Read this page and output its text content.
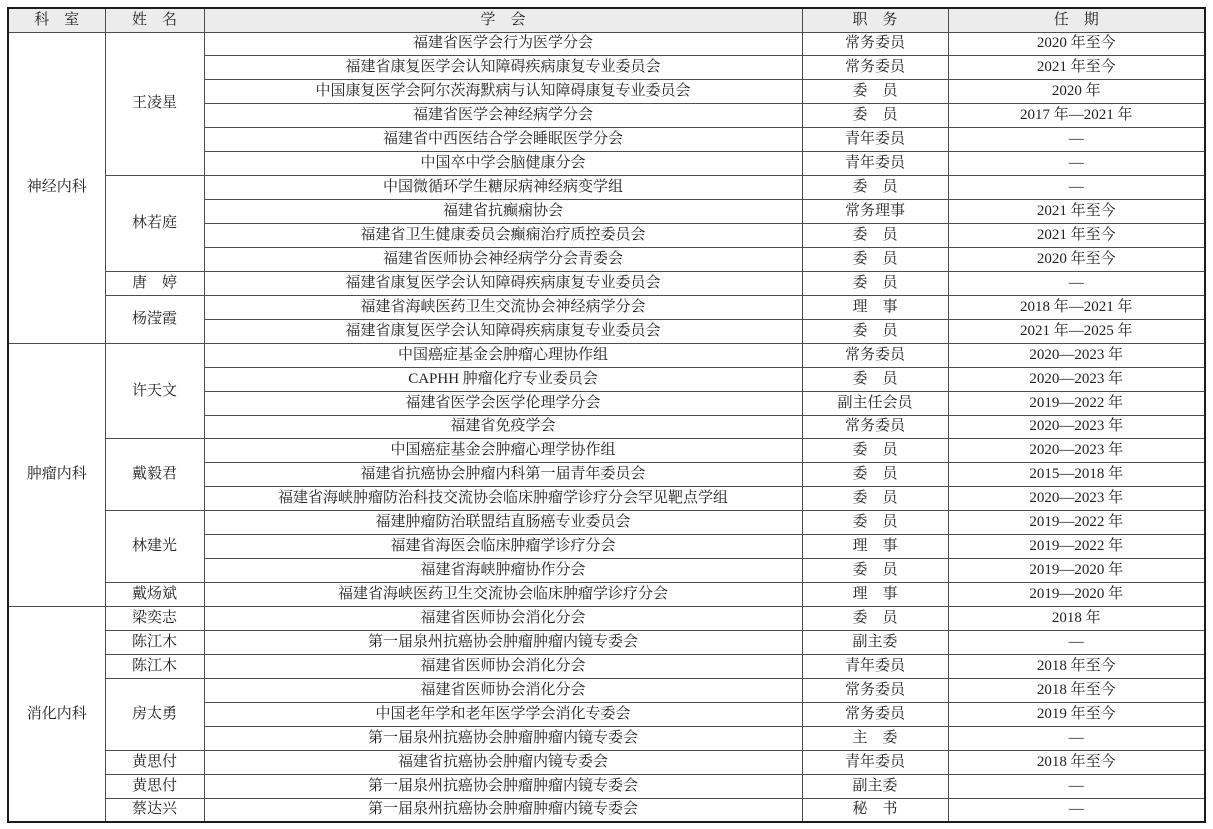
科　室	姓　名	学　会	职　务	任　期
神经内科	王凌星	福建省医学会行为医学分会	常务委员	2020 年至今
		福建省康复医学会认知障碍疾病康复专业委员会	常务委员	2021 年至今
		中国康复医学会阿尔茨海默病与认知障碍康复专业委员会	委　员	2020 年
		福建省医学会神经病学分会	委　员	2017 年—2021 年
		福建省中西医结合学会睡眠医学分会	青年委员	—
		中国卒中学会脑健康分会	青年委员	—
	林若庭	中国微循环学生糖尿病神经病变学组	委　员	—
		福建省抗癫痫协会	常务理事	2021 年至今
		福建省卫生健康委员会癫痫治疗质控委员会	委　员	2021 年至今
		福建省医师协会神经病学分会青委会	委　员	2020 年至今
	唐　婷	福建省康复医学会认知障碍疾病康复专业委员会	委　员	—
	杨滢霞	福建省海峡医药卫生交流协会神经病学分会	理　事	2018 年—2021 年
		福建省康复医学会认知障碍疾病康复专业委员会	委　员	2021 年—2025 年
肿瘤内科	许天文	中国癌症基金会肿瘤心理协作组	常务委员	2020—2023 年
		CAPHH 肿瘤化疗专业委员会	委　员	2020—2023 年
		福建省医学会医学伦理学分会	副主任会员	2019—2022 年
		福建省免疫学会	常务委员	2020—2023 年
	戴毅君	中国癌症基金会肿瘤心理学协作组	委　员	2020—2023 年
		福建省抗癌协会肿瘤内科第一届青年委员会	委　员	2015—2018 年
		福建省海峡肿瘤防治科技交流协会临床肿瘤学诊疗分会罕见靶点学组	委　员	2020—2023 年
	林建光	福建肿瘤防治联盟结直肠癌专业委员会	委　员	2019—2022 年
		福建省海医会临床肿瘤学诊疗分会	理　事	2019—2022 年
		福建省海峡肿瘤协作分会	委　员	2019—2020 年
	戴炀斌	福建省海峡医药卫生交流协会临床肿瘤学诊疗分会	理　事	2019—2020 年
消化内科	梁奕志	福建省医师协会消化分会	委　员	2018 年
	陈江木	第一届泉州抗癌协会肿瘤肿瘤内镜专委会	副主委	—
	陈江木	福建省医师协会消化分会	青年委员	2018 年至今
	房太勇	福建省医师协会消化分会	常务委员	2018 年至今
		中国老年学和老年医学学会消化专委会	常务委员	2019 年至今
		第一届泉州抗癌协会肿瘤肿瘤内镜专委会	主　委	—
	黄思付	福建省抗癌协会肿瘤内镜专委会	青年委员	2018 年至今
	黄思付	第一届泉州抗癌协会肿瘤肿瘤内镜专委会	副主委	—
	蔡达兴	第一届泉州抗癌协会肿瘤肿瘤内镜专委会	秘　书	—
